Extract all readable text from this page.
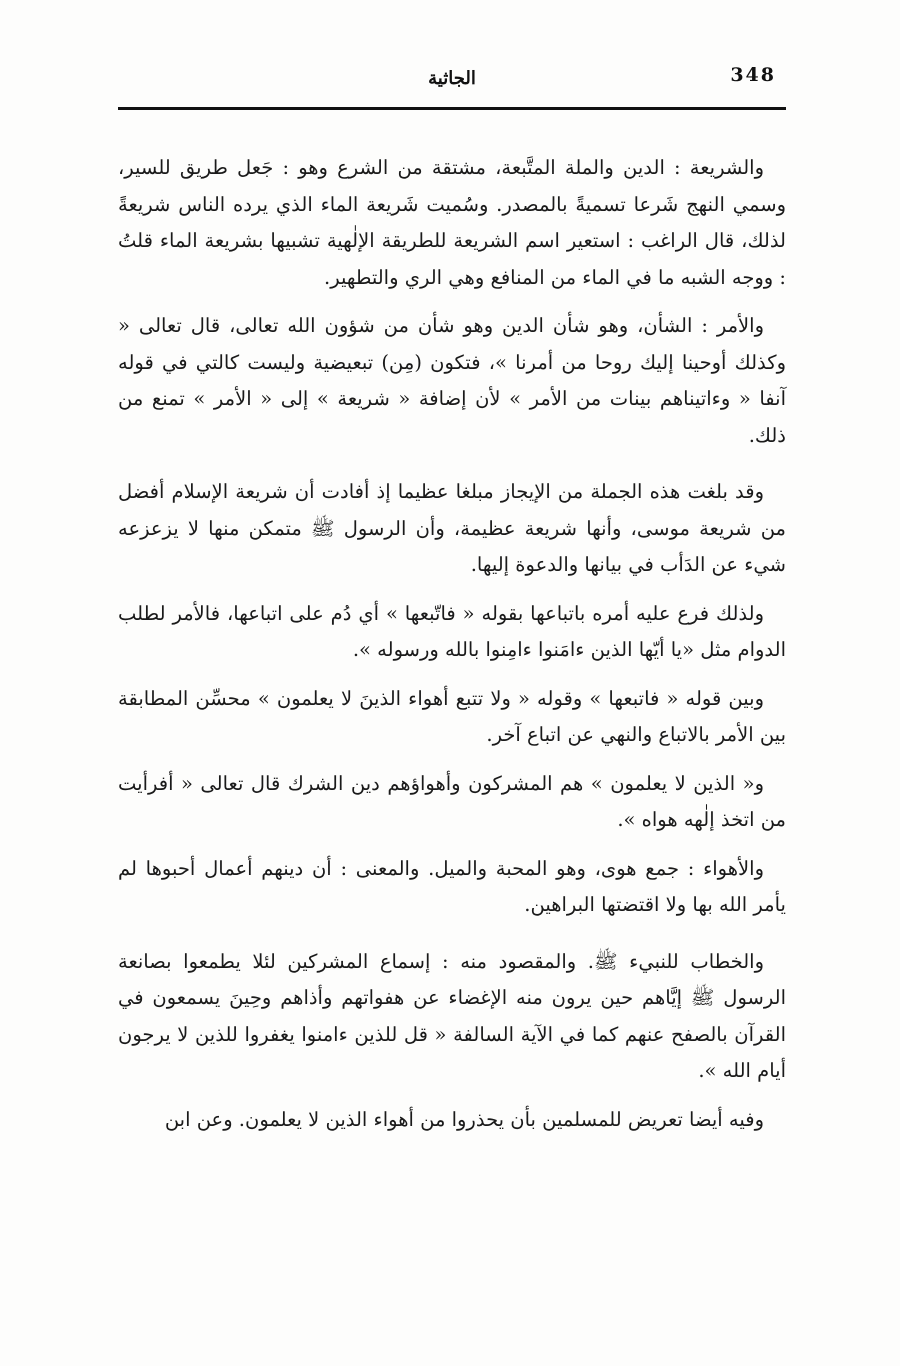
348
الجاثية

والشريعة : الدين والملة المتَّبعة، مشتقة من الشرع وهو : جَعل طريق للسير، وسمي النهج شَرعا تسميةً بالمصدر. وسُميت شَريعة الماء الذي يرده الناس شريعةً لذلك، قال الراغب : استعير اسم الشريعة للطريقة الإلٰهية تشبيها بشريعة الماء قلتُ : ووجه الشبه ما في الماء من المنافع وهي الري والتطهير.

والأمر : الشأن، وهو شأن الدين وهو شأن من شؤون الله تعالى، قال تعالى « وكذلك أوحينا إليك روحا من أمرنا »، فتكون (مِن) تبعيضية وليست كالتي في قوله آنفا « وءاتيناهم بينات من الأمر » لأن إضافة « شريعة » إلى « الأمر » تمنع من ذلك.

وقد بلغت هذه الجملة من الإيجاز مبلغا عظيما إذ أفادت أن شريعة الإسلام أفضل من شريعة موسى، وأنها شريعة عظيمة، وأن الرسول ﷺ متمكن منها لا يزعزعه شيء عن الدَأب في بيانها والدعوة إليها.

ولذلك فرع عليه أمره باتباعها بقوله « فاتّبعها » أي دُم على اتباعها، فالأمر لطلب الدوام مثل «يا أيّها الذين ءامَنوا ءامِنوا بالله ورسوله ».

وبين قوله « فاتبعها » وقوله « ولا تتبع أهواء الذينَ لا يعلمون » محسِّن المطابقة بين الأمر بالاتباع والنهي عن اتباع آخر.

و« الذين لا يعلمون » هم المشركون وأهواؤهم دين الشرك قال تعالى « أفرأيت من اتخذ إلٰهه هواه ».

والأهواء : جمع هوى، وهو المحبة والميل. والمعنى : أن دينهم أعمال أحبوها لم يأمر الله بها ولا اقتضتها البراهين.

والخطاب للنبيء ﷺ. والمقصود منه : إسماع المشركين لئلا يطمعوا بصانعة الرسول ﷺ إيَّاهم حين يرون منه الإغضاء عن هفواتهم وأذاهم وحِينَ يسمعون في القرآن بالصفح عنهم كما في الآية السالفة « قل للذين ءامنوا يغفروا للذين لا يرجون أيام الله ».

وفيه أيضا تعريض للمسلمين بأن يحذروا من أهواء الذين لا يعلمون. وعن ابن
